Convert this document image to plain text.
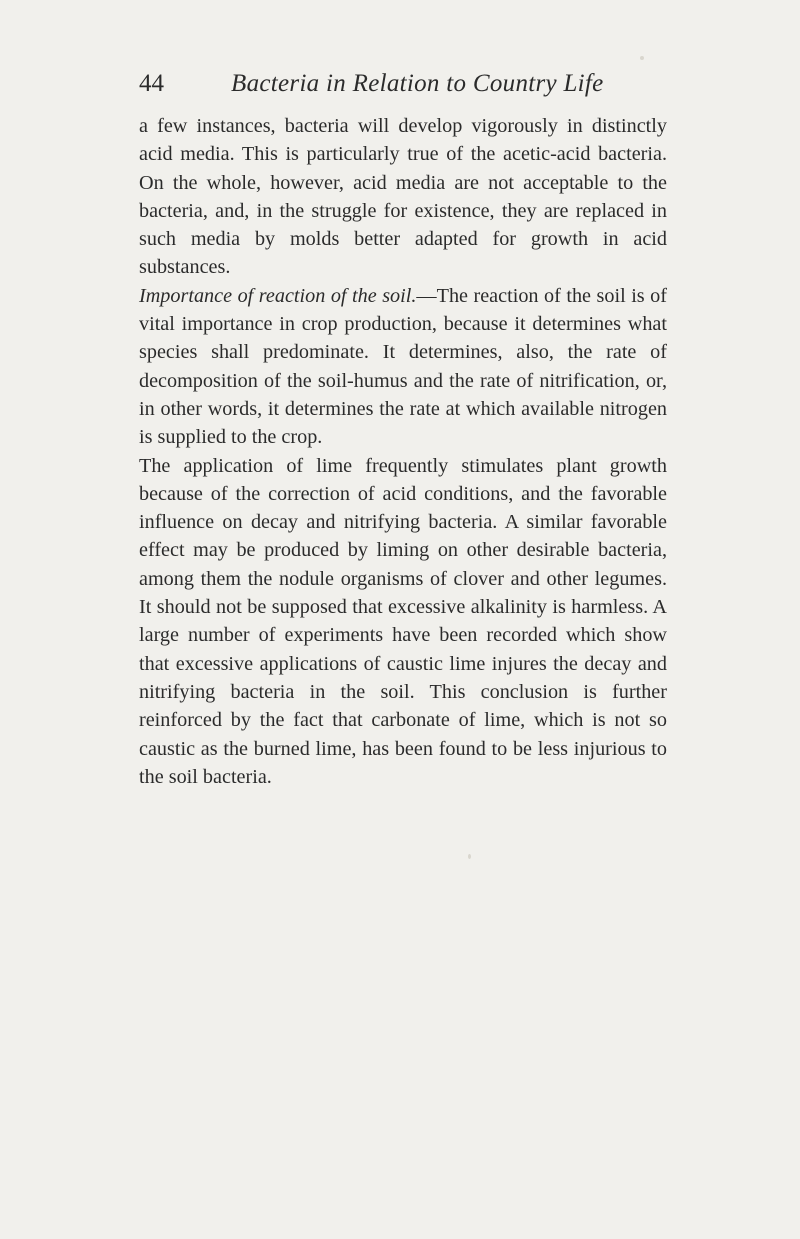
44	Bacteria in Relation to Country Life

a few instances, bacteria will develop vigorously in distinctly acid media. This is particularly true of the acetic-acid bacteria. On the whole, however, acid media are not acceptable to the bacteria, and, in the struggle for existence, they are replaced in such media by molds better adapted for growth in acid substances.

Importance of reaction of the soil.—The reaction of the soil is of vital importance in crop production, because it determines what species shall predominate. It determines, also, the rate of decomposition of the soil-humus and the rate of nitrification, or, in other words, it determines the rate at which available nitrogen is supplied to the crop.

The application of lime frequently stimulates plant growth because of the correction of acid conditions, and the favorable influence on decay and nitrifying bacteria. A similar favorable effect may be produced by liming on other desirable bacteria, among them the nodule organisms of clover and other legumes. It should not be supposed that excessive alkalinity is harmless. A large number of experiments have been recorded which show that excessive applications of caustic lime injures the decay and nitrifying bacteria in the soil. This conclusion is further reinforced by the fact that carbonate of lime, which is not so caustic as the burned lime, has been found to be less injurious to the soil bacteria.
